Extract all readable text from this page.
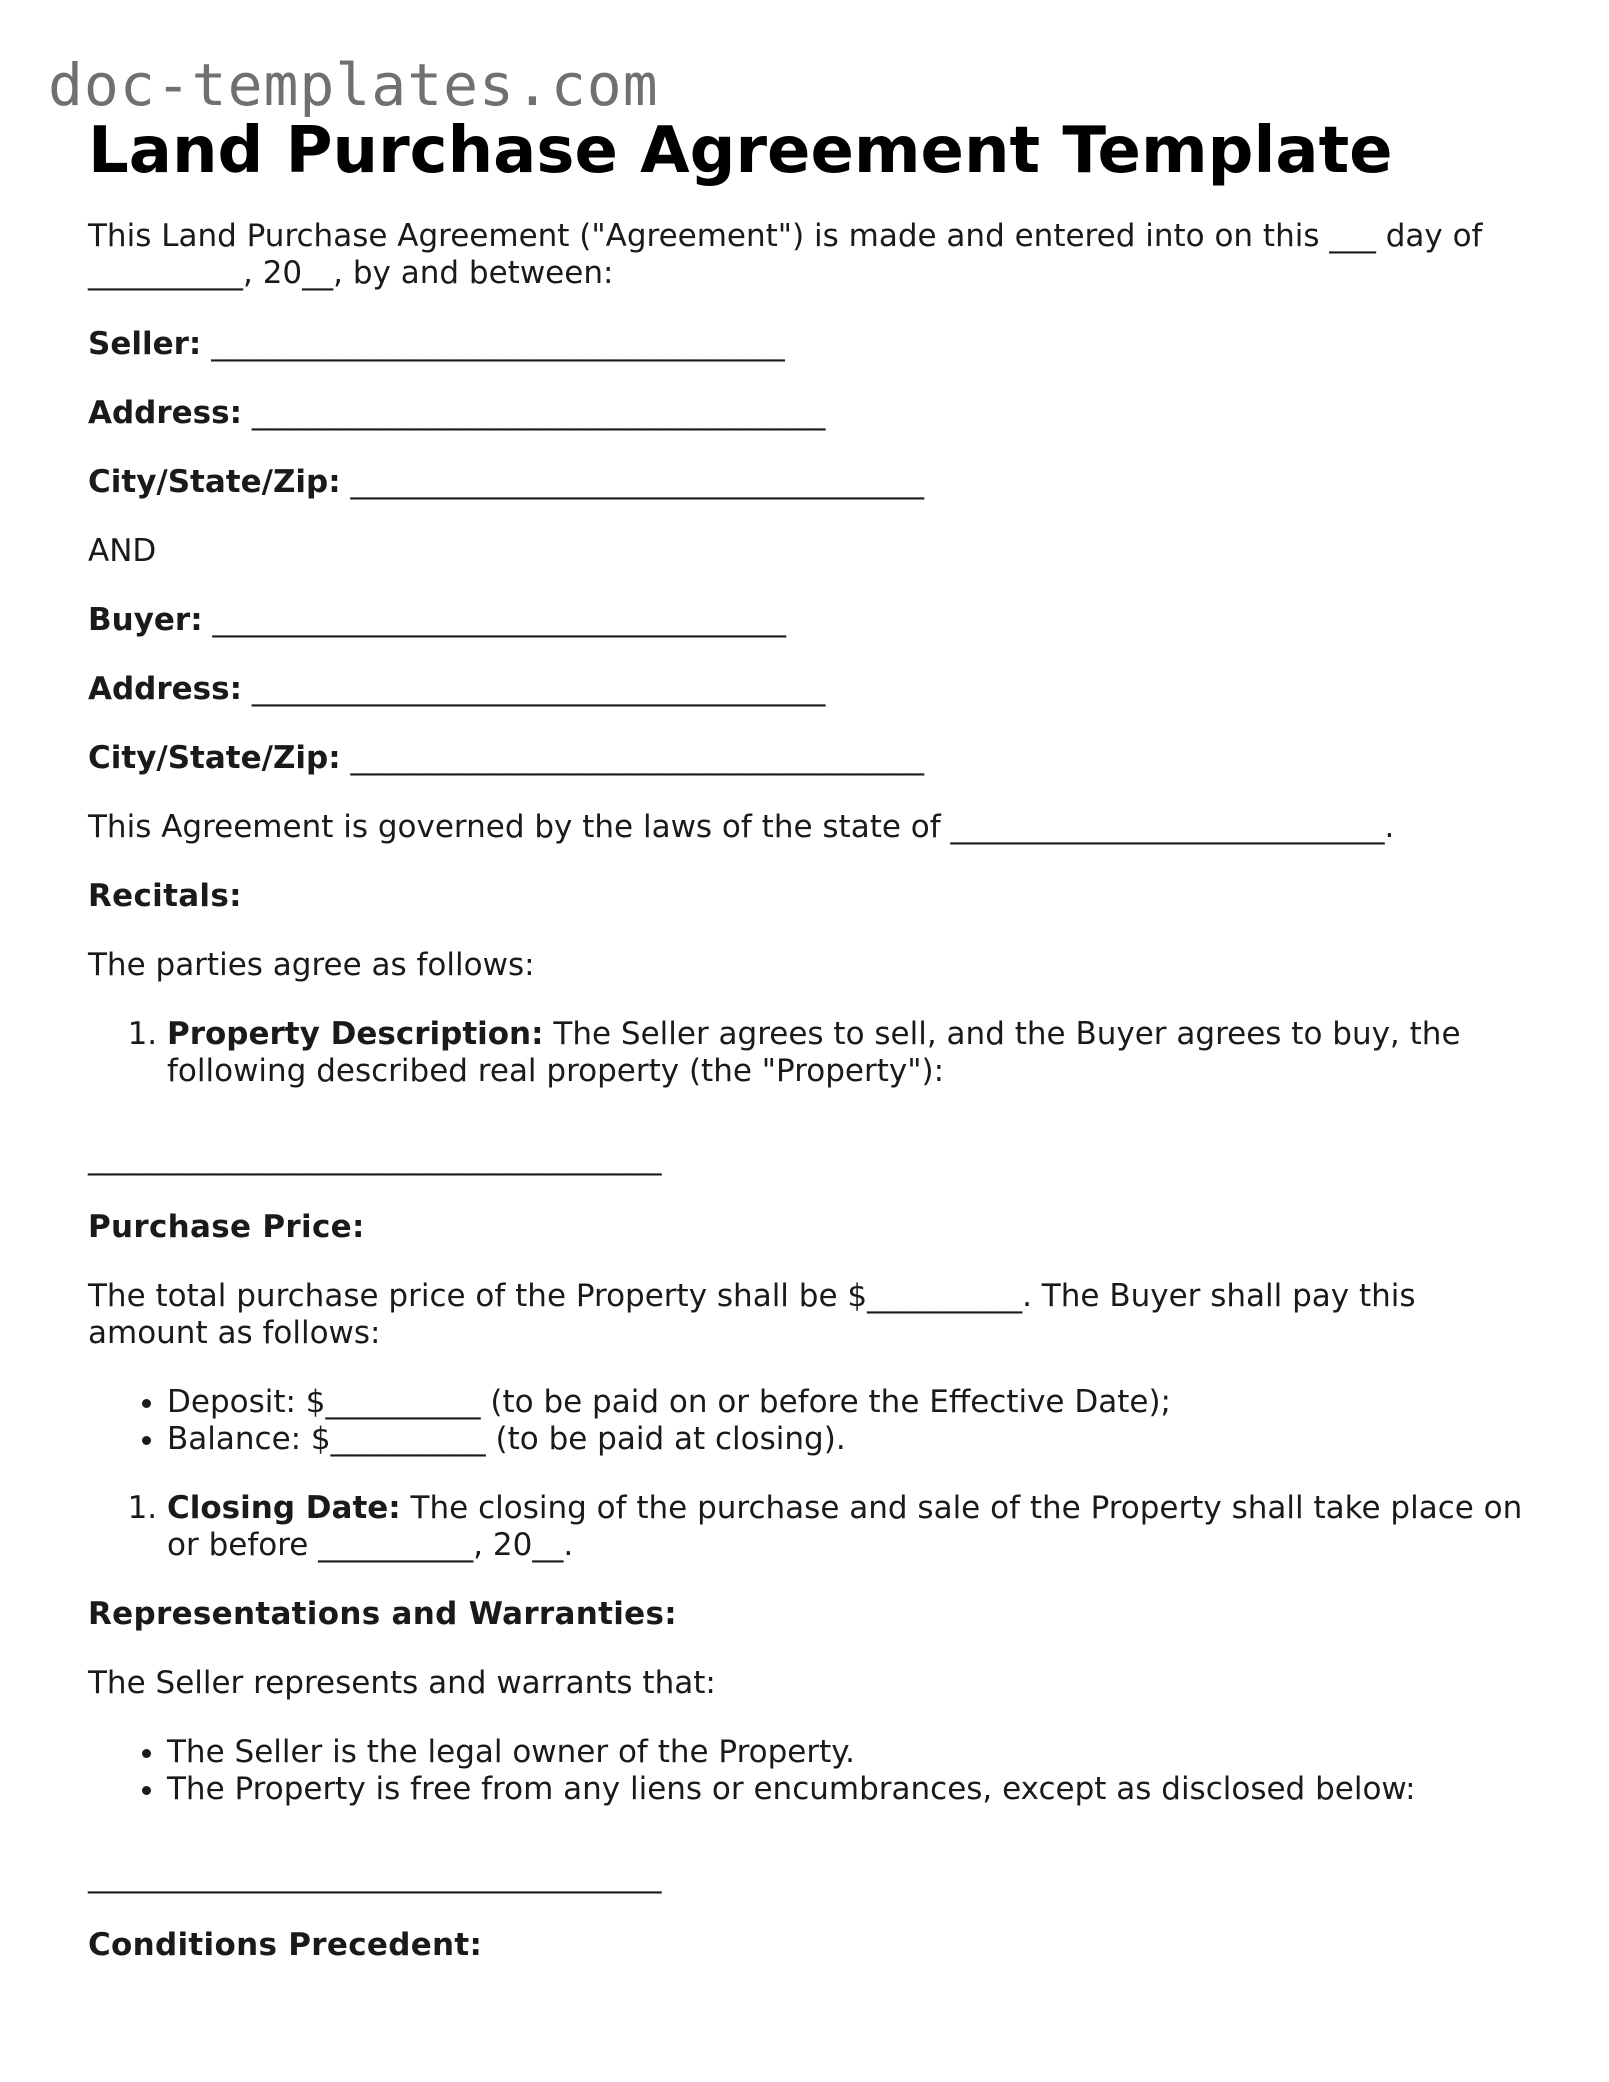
doc-templates.com
Land Purchase Agreement Template

This Land Purchase Agreement ("Agreement") is made and entered into on this ___ day of __________, 20__, by and between:

Seller: _____________________________________
Address: _____________________________________
City/State/Zip: _____________________________________

AND

Buyer: _____________________________________
Address: _____________________________________
City/State/Zip: _____________________________________

This Agreement is governed by the laws of the state of ____________________________.

Recitals:

The parties agree as follows:

1. Property Description: The Seller agrees to sell, and the Buyer agrees to buy, the following described real property (the "Property"):
_____________________________________
Purchase Price:

The total purchase price of the Property shall be $__________. The Buyer shall pay this amount as follows:

• Deposit: $__________ (to be paid on or before the Effective Date);
• Balance: $__________ (to be paid at closing).
1. Closing Date: The closing of the purchase and sale of the Property shall take place on or before __________, 20__.
Representations and Warranties:

The Seller represents and warrants that:

• The Seller is the legal owner of the Property.
• The Property is free from any liens or encumbrances, except as disclosed below:
_____________________________________
Conditions Precedent:
